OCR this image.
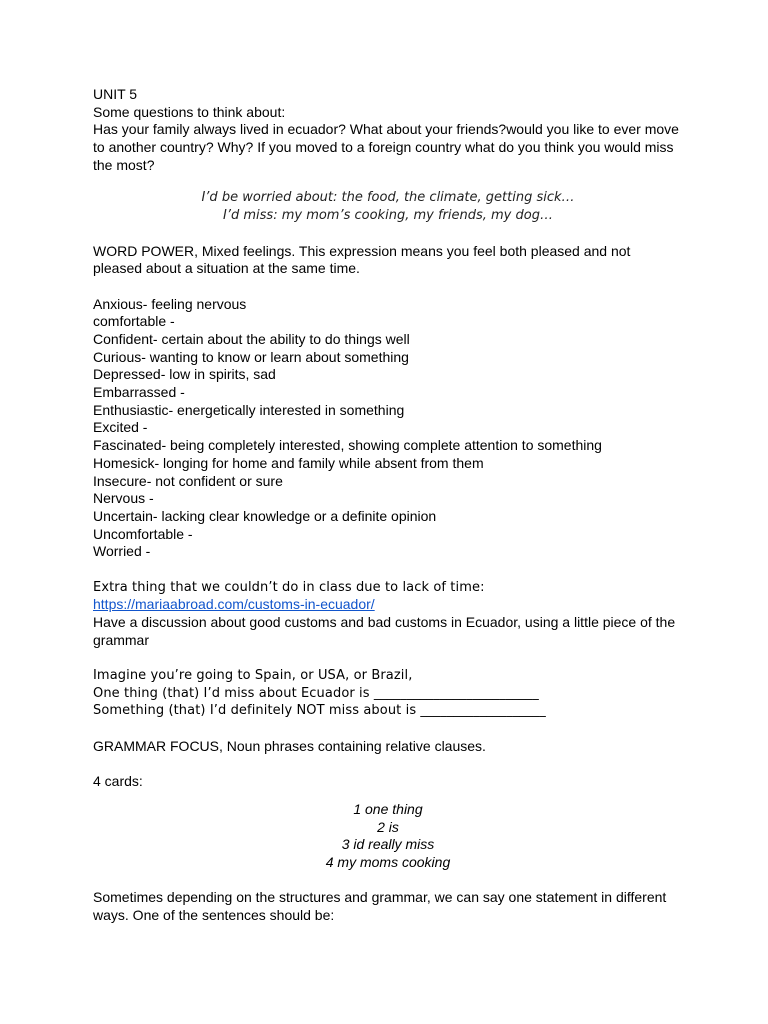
UNIT 5
Some questions to think about:
Has your family always lived in ecuador? What about your friends?would you like to ever move to another country? Why? If you moved to a foreign country what do you think you would miss the most?
I’d be worried about: the food, the climate, getting sick…
I’d miss: my mom’s cooking, my friends, my dog…
WORD POWER, Mixed feelings. This expression means you feel both pleased and not pleased about a situation at the same time.
Anxious- feeling nervous
comfortable -
Confident- certain about the ability to do things well
Curious- wanting to know or learn about something
Depressed- low in spirits, sad
Embarrassed -
Enthusiastic- energetically interested in something
Excited -
Fascinated- being completely interested, showing complete attention to something
Homesick- longing for home and family while absent from them
Insecure- not confident or sure
Nervous -
Uncertain- lacking clear knowledge or a definite opinion
Uncomfortable -
Worried -
Extra thing that we couldn’t do in class due to lack of time:
https://mariaabroad.com/customs-in-ecuador/
Have a discussion about good customs and bad customs in Ecuador, using a little piece of the grammar
Imagine you’re going to Spain, or USA, or Brazil,
One thing (that) I’d miss about Ecuador is _________________________
Something (that) I’d definitely NOT miss about is ___________________
GRAMMAR FOCUS, Noun phrases containing relative clauses.
4 cards:
1 one thing
2 is
3 id really miss
4 my moms cooking
Sometimes depending on the structures and grammar, we can say one statement in different ways. One of the sentences should be:
